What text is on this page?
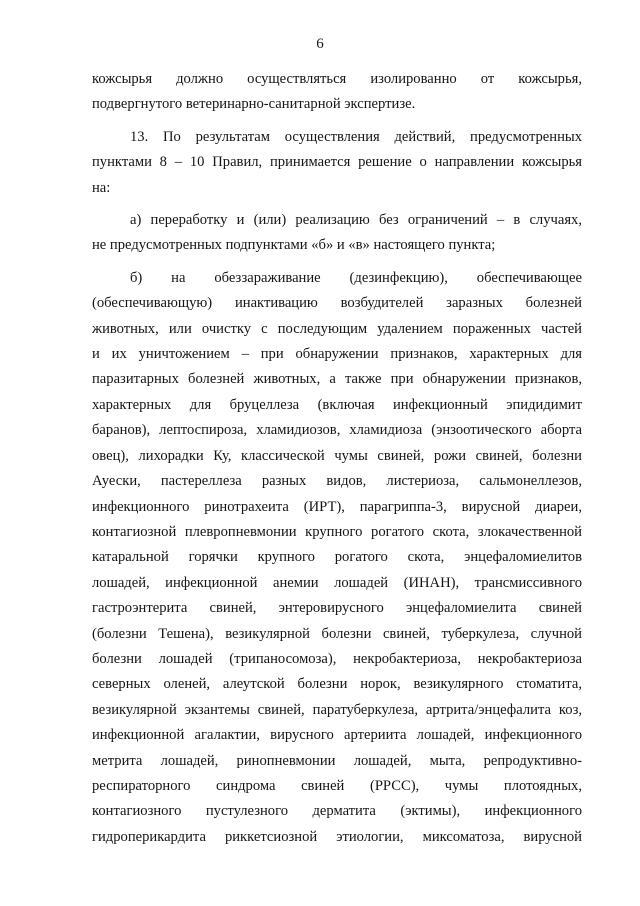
6

кожсырья должно осуществляться изолированно от кожсырья,

подвергнутого ветеринарно-санитарной экспертизе.

13. По результатам осуществления действий, предусмотренных

пунктами 8 – 10 Правил, принимается решение о направлении кожсырья

на:

а) переработку и (или) реализацию без ограничений – в случаях,

не предусмотренных подпунктами «б» и «в» настоящего пункта;

б) на обеззараживание (дезинфекцию), обеспечивающее

(обеспечивающую) инактивацию возбудителей заразных болезней

животных, или очистку с последующим удалением пораженных частей

и их уничтожением – при обнаружении признаков, характерных для

паразитарных болезней животных, а также при обнаружении признаков,

характерных для бруцеллеза (включая инфекционный эпидидимит

баранов), лептоспироза, хламидиозов, хламидиоза (энзоотического аборта

овец), лихорадки Ку, классической чумы свиней, рожи свиней, болезни

Ауески, пастереллеза разных видов, листериоза, сальмонеллезов,

инфекционного ринотрахеита (ИРТ), парагриппа-3, вирусной диареи,

контагиозной плевропневмонии крупного рогатого скота, злокачественной

катаральной горячки крупного рогатого скота, энцефаломиелитов

лошадей, инфекционной анемии лошадей (ИНАН), трансмиссивного

гастроэнтерита свиней, энтеровирусного энцефаломиелита свиней

(болезни Тешена), везикулярной болезни свиней, туберкулеза, случной

болезни лошадей (трипаносомоза), некробактериоза, некробактериоза

северных оленей, алеутской болезни норок, везикулярного стоматита,

везикулярной экзантемы свиней, паратуберкулеза, артрита/энцефалита коз,

инфекционной агалактии, вирусного артериита лошадей, инфекционного

метрита лошадей, ринопневмонии лошадей, мыта, репродуктивно-

респираторного синдрома свиней (РРСС), чумы плотоядных,

контагиозного пустулезного дерматита (эктимы), инфекционного

гидроперикардита риккетсиозной этиологии, миксоматоза, вирусной
